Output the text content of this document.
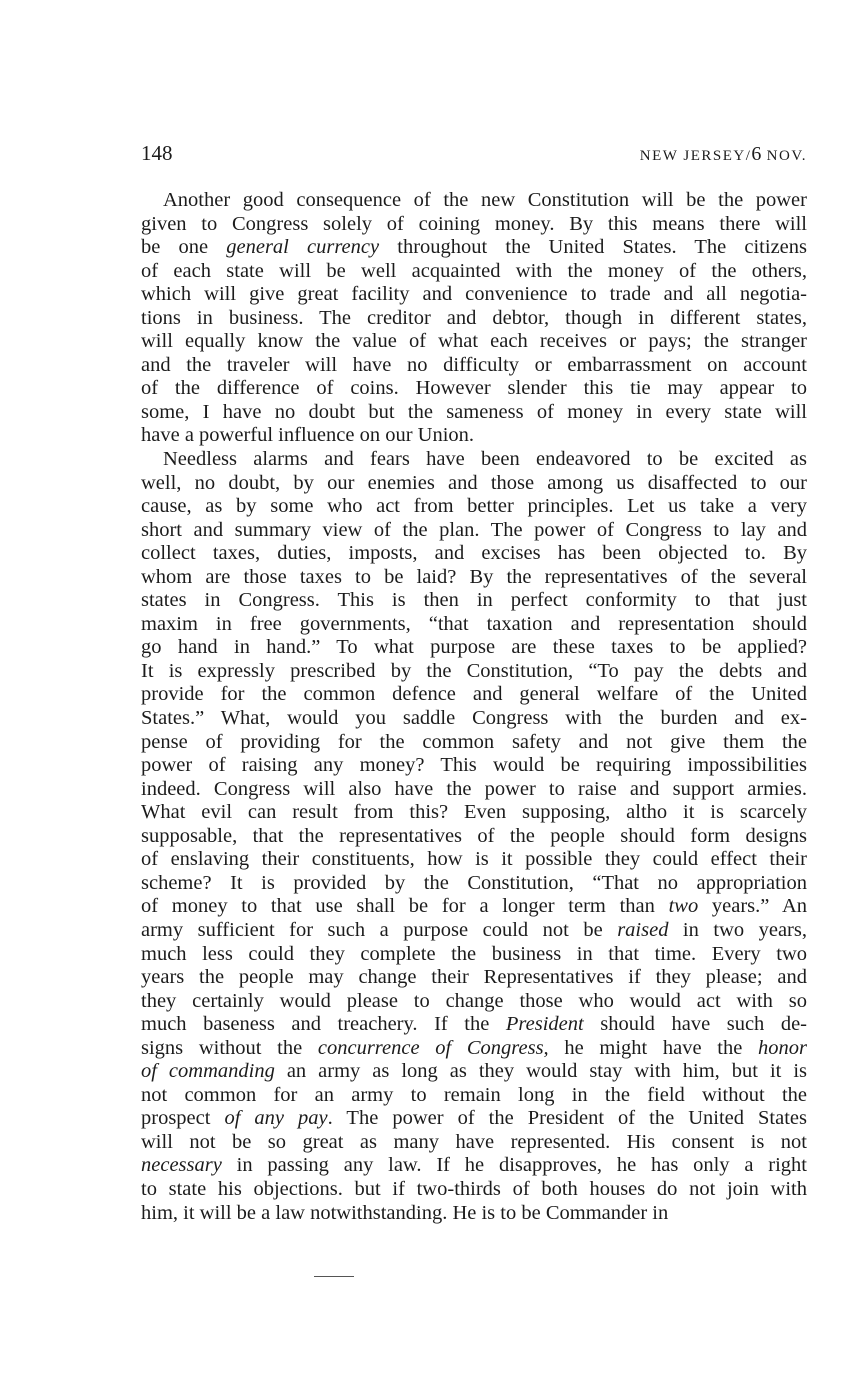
148	NEW JERSEY/6 NOV.
Another good consequence of the new Constitution will be the power
given to Congress solely of coining money. By this means there will
be one general currency throughout the United States. The citizens
of each state will be well acquainted with the money of the others,
which will give great facility and convenience to trade and all negotia-
tions in business. The creditor and debtor, though in different states,
will equally know the value of what each receives or pays; the stranger
and the traveler will have no difficulty or embarrassment on account
of the difference of coins. However slender this tie may appear to
some, I have no doubt but the sameness of money in every state will
have a powerful influence on our Union.
Needless alarms and fears have been endeavored to be excited as
well, no doubt, by our enemies and those among us disaffected to our
cause, as by some who act from better principles. Let us take a very
short and summary view of the plan. The power of Congress to lay and
collect taxes, duties, imposts, and excises has been objected to. By
whom are those taxes to be laid? By the representatives of the several
states in Congress. This is then in perfect conformity to that just
maxim in free governments, “that taxation and representation should
go hand in hand.” To what purpose are these taxes to be applied?
It is expressly prescribed by the Constitution, “To pay the debts and
provide for the common defence and general welfare of the United
States.” What, would you saddle Congress with the burden and ex-
pense of providing for the common safety and not give them the
power of raising any money? This would be requiring impossibilities
indeed. Congress will also have the power to raise and support armies.
What evil can result from this? Even supposing, altho it is scarcely
supposable, that the representatives of the people should form designs
of enslaving their constituents, how is it possible they could effect their
scheme? It is provided by the Constitution, “That no appropriation
of money to that use shall be for a longer term than two years.” An
army sufficient for such a purpose could not be raised in two years,
much less could they complete the business in that time. Every two
years the people may change their Representatives if they please; and
they certainly would please to change those who would act with so
much baseness and treachery. If the President should have such de-
signs without the concurrence of Congress, he might have the honor
of commanding an army as long as they would stay with him, but it is
not common for an army to remain long in the field without the
prospect of any pay. The power of the President of the United States
will not be so great as many have represented. His consent is not
necessary in passing any law. If he disapproves, he has only a right
to state his objections. but if two-thirds of both houses do not join with
him, it will be a law notwithstanding. He is to be Commander in
